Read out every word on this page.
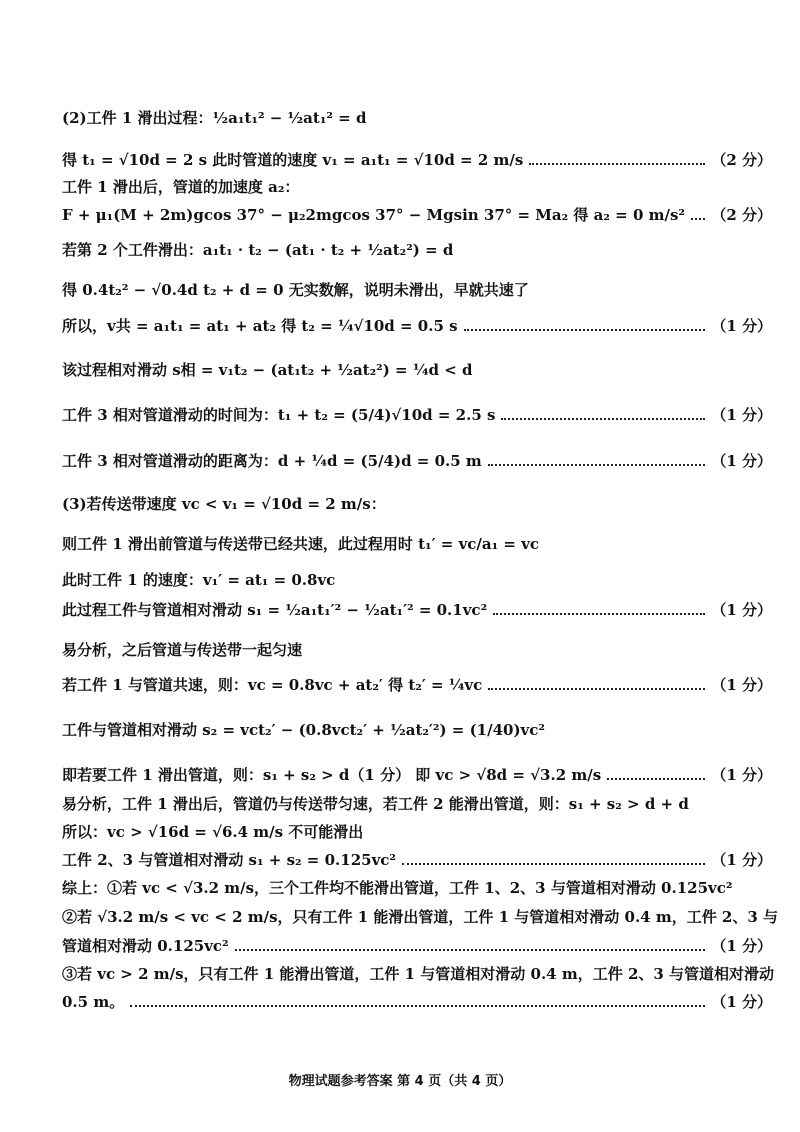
(2)工件 1 滑出过程：½a₁t₁² − ½at₁² = d
得 t₁ = √10d = 2 s 此时管道的速度 v₁ = a₁t₁ = √10d = 2 m/s	（2 分）
工件 1 滑出后，管道的加速度 a₂：
F + μ₁(M + 2m)gcos 37° − μ₂2mgcos 37° − Mgsin 37° = Ma₂ 得 a₂ = 0 m/s² （2 分）
若第 2 个工件滑出：a₁t₁ · t₂ − (at₁ · t₂ + ½at₂²) = d
得 0.4t₂² − √0.4d t₂ + d = 0 无实数解，说明未滑出，早就共速了
所以，v共 = a₁t₁ = at₁ + at₂ 得 t₂ = ¼√10d = 0.5 s	（1 分）
该过程相对滑动 s相 = v₁t₂ − (at₁t₂ + ½at₂²) = ¼d < d
工件 3 相对管道滑动的时间为：t₁ + t₂ = (5/4)√10d = 2.5 s	（1 分）
工件 3 相对管道滑动的距离为：d + ¼d = (5/4)d = 0.5 m	（1 分）
(3)若传送带速度 vc < v₁ = √10d = 2 m/s：
则工件 1 滑出前管道与传送带已经共速，此过程用时 t₁′ = vc/a₁ = vc
此时工件 1 的速度：v₁′ = at₁ = 0.8vc
此过程工件与管道相对滑动 s₁ = ½a₁t₁′² − ½at₁′² = 0.1vc²	（1 分）
易分析，之后管道与传送带一起匀速
若工件 1 与管道共速，则：vc = 0.8vc + at₂′ 得 t₂′ = ¼vc	（1 分）
工件与管道相对滑动 s₂ = vct₂′ − (0.8vct₂′ + ½at₂′²) = (1/40)vc²
即若要工件 1 滑出管道，则：s₁ + s₂ > d（1 分） 即 vc > √8d = √3.2 m/s	（1 分）
易分析，工件 1 滑出后，管道仍与传送带匀速，若工件 2 能滑出管道，则：s₁ + s₂ > d + d
所以：vc > √16d = √6.4 m/s 不可能滑出
工件 2、3 与管道相对滑动 s₁ + s₂ = 0.125vc²	（1 分）
综上：①若 vc < √3.2 m/s，三个工件均不能滑出管道，工件 1、2、3 与管道相对滑动 0.125vc²
②若 √3.2 m/s < vc < 2 m/s，只有工件 1 能滑出管道，工件 1 与管道相对滑动 0.4 m，工件 2、3 与
管道相对滑动 0.125vc²	（1 分）
③若 vc > 2 m/s，只有工件 1 能滑出管道，工件 1 与管道相对滑动 0.4 m，工件 2、3 与管道相对滑动
0.5 m。	（1 分）
物理试题参考答案 第 4 页（共 4 页）
